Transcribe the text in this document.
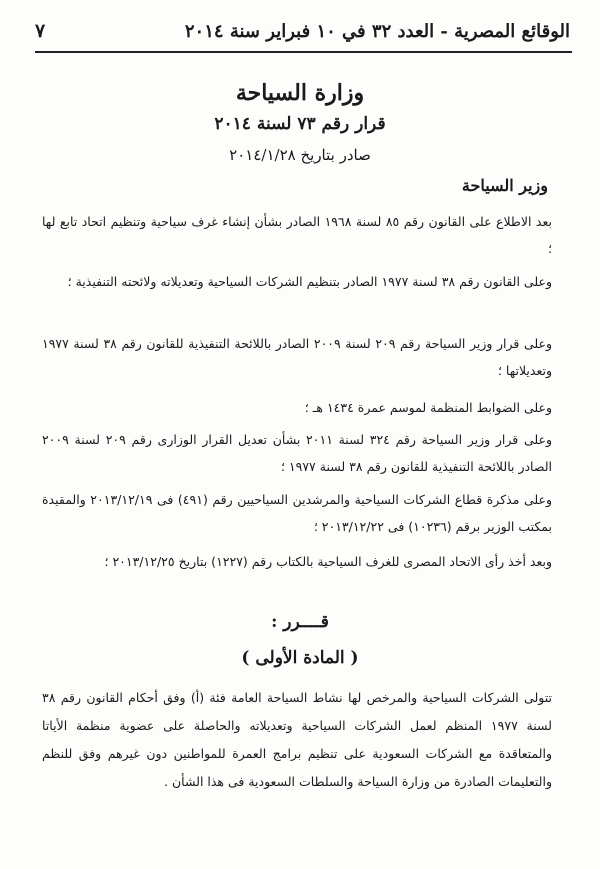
٧	الوقائع المصرية - العدد ٣٢ في ١٠ فبراير سنة ٢٠١٤
وزارة السياحة
قرار رقم ٧٣ لسنة ٢٠١٤
صادر بتاريخ ٢٠١٤/١/٢٨
وزير السياحة
بعد الاطلاع على القانون رقم ٨٥ لسنة ١٩٦٨ الصادر بشأن إنشاء غرف سياحية وتنظيم اتحاد تابع لها ؛
وعلى القانون رقم ٣٨ لسنة ١٩٧٧ الصادر بتنظيم الشركات السياحية وتعديلاته ولائحته التنفيذية ؛
وعلى قرار وزير السياحة رقم ٢٠٩ لسنة ٢٠٠٩ الصادر باللائحة التنفيذية للقانون رقم ٣٨ لسنة ١٩٧٧ وتعديلاتها ؛
وعلى الضوابط المنظمة لموسم عمرة ١٤٣٤ هـ ؛
وعلى قرار وزير السياحة رقم ٣٢٤ لسنة ٢٠١١ بشأن تعديل القرار الوزارى رقم ٢٠٩ لسنة ٢٠٠٩ الصادر باللائحة التنفيذية للقانون رقم ٣٨ لسنة ١٩٧٧ ؛
وعلى مذكرة قطاع الشركات السياحية والمرشدين السياحيين رقم (٤٩١) فى ٢٠١٣/١٢/١٩ والمقيدة بمكتب الوزير برقم (١٠٢٣٦) فى ٢٠١٣/١٢/٢٢ ؛
وبعد أخذ رأى الاتحاد المصرى للغرف السياحية بالكتاب رقم (١٢٢٧) بتاريخ ٢٠١٣/١٢/٢٥ ؛
قــــرر :
( المادة الأولى )
تتولى الشركات السياحية والمرخص لها نشاط السياحة العامة فئة (أ) وفق أحكام القانون رقم ٣٨ لسنة ١٩٧٧ المنظم لعمل الشركات السياحية وتعديلاته والحاصلة على عضوية منظمة الأياتا والمتعاقدة مع الشركات السعودية على تنظيم برامج العمرة للمواطنين دون غيرهم وفق للنظم والتعليمات الصادرة من وزارة السياحة والسلطات السعودية فى هذا الشأن .
